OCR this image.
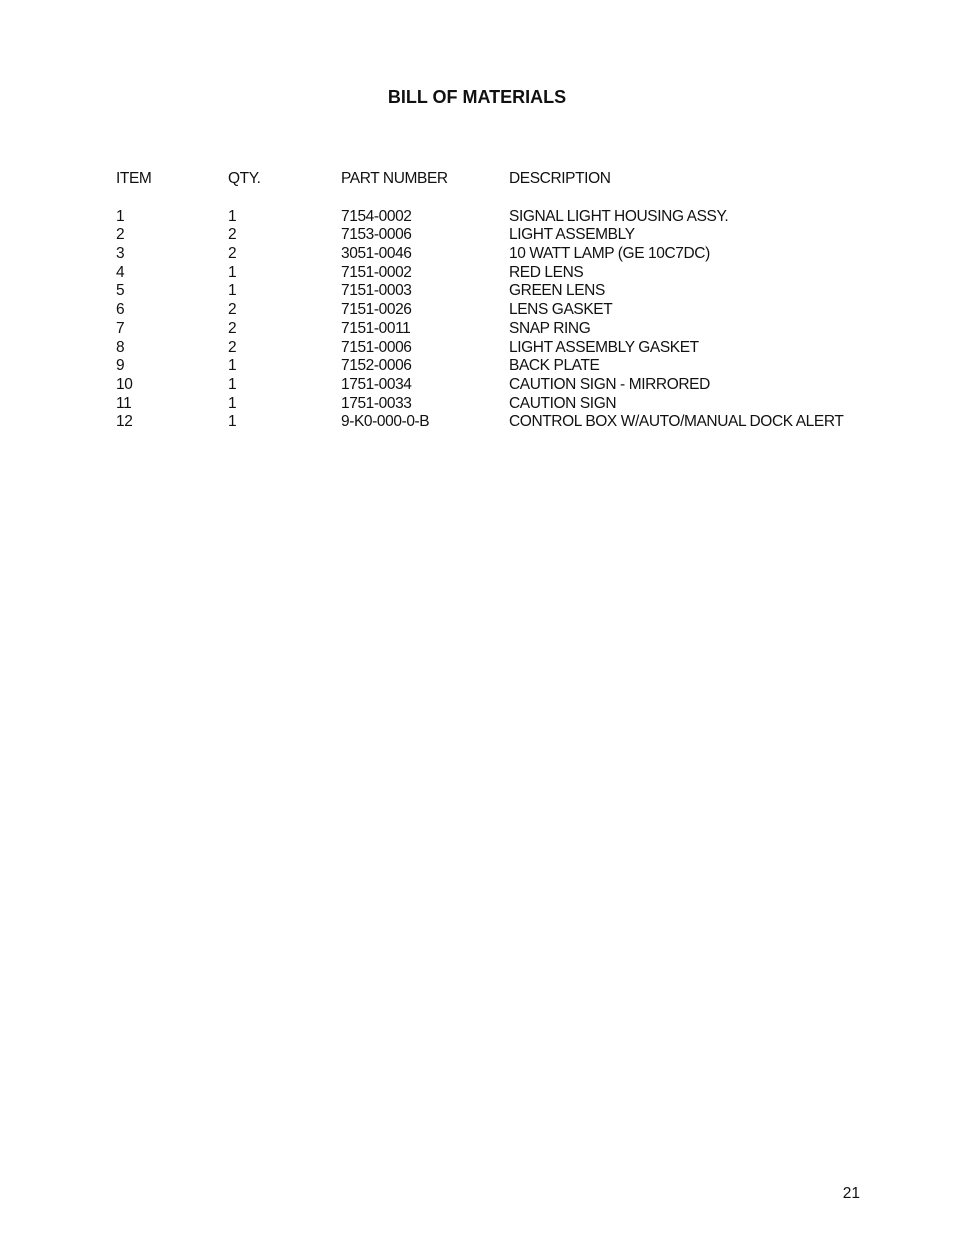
BILL OF MATERIALS
ITEM	QTY.	PART NUMBER	DESCRIPTION
1	1	7154-0002	SIGNAL LIGHT HOUSING ASSY.
2	2	7153-0006	LIGHT ASSEMBLY
3	2	3051-0046	10 WATT LAMP (GE 10C7DC)
4	1	7151-0002	RED LENS
5	1	7151-0003	GREEN LENS
6	2	7151-0026	LENS GASKET
7	2	7151-0011	SNAP RING
8	2	7151-0006	LIGHT ASSEMBLY GASKET
9	1	7152-0006	BACK PLATE
10	1	1751-0034	CAUTION SIGN - MIRRORED
11	1	1751-0033	CAUTION SIGN
12	1	9-K0-000-0-B	CONTROL BOX W/AUTO/MANUAL DOCK ALERT
21
